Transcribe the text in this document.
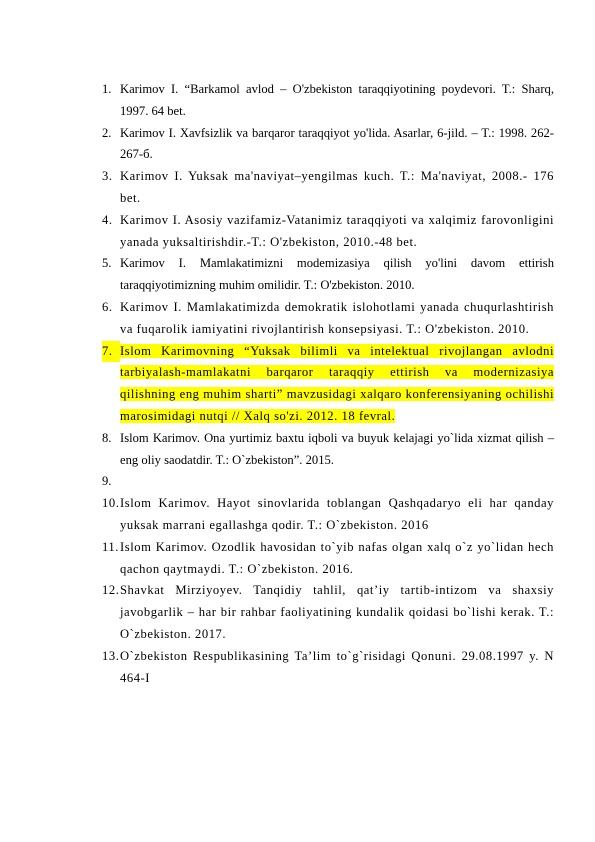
1. Karimov I. “Barkamol avlod – O'zbekiston taraqqiyotining poydevori. T.: Sharq, 1997. 64 bet.
2. Karimov I. Xavfsizlik va barqaror taraqqiyot yo'lida. Asarlar, 6-jild. – T.: 1998. 262-267-б.
3. Karimov I. Yuksak ma'naviyat–yengilmas kuch. T.: Ma'naviyat, 2008.- 176 bet.
4. Karimov I. Asosiy vazifamiz-Vatanimiz taraqqiyoti va xalqimiz farovonligini yanada yuksaltirishdir.-T.: O'zbekiston, 2010.-48 bet.
5. Karimov I. Mamlakatimizni modemizasiya qilish yo'lini davom ettirish taraqqiyotimizning muhim omilidir. T.: O'zbekiston. 2010.
6. Karimov I. Mamlakatimizda demokratik islohotlami yanada chuqurlashtirish va fuqarolik iamiyatini rivojlantirish konsepsiyasi. T.: O'zbekiston. 2010.
7. Islom Karimovning “Yuksak bilimli va intelektual rivojlangan avlodni tarbiyalash-mamlakatni barqaror taraqqiy ettirish va modernizasiya qilishning eng muhim sharti” mavzusidagi xalqaro konferensiyaning ochilishi marosimidagi nutqi // Xalq so'zi. 2012. 18 fevral.
8. Islom Karimov. Ona yurtimiz baxtu iqboli va buyuk kelajagi yo`lida xizmat qilish – eng oliy saodatdir. T.: O`zbekiston”. 2015.
9.
10. Islom Karimov. Hayot sinovlarida toblangan Qashqadaryo eli har qanday yuksak marrani egallashga qodir. T.: O`zbekiston. 2016
11. Islom Karimov. Ozodlik havosidan to`yib nafas olgan xalq o`z yo`lidan hech qachon qaytmaydi. T.: O`zbekiston. 2016.
12. Shavkat Mirziyoyev. Tanqidiy tahlil, qat’iy tartib-intizom va shaxsiy javobgarlik – har bir rahbar faoliyatining kundalik qoidasi bo`lishi kerak. T.: O`zbekiston. 2017.
13. O`zbekiston Respublikasining Ta’lim to`g`risidagi Qonuni. 29.08.1997 y. N 464-I
